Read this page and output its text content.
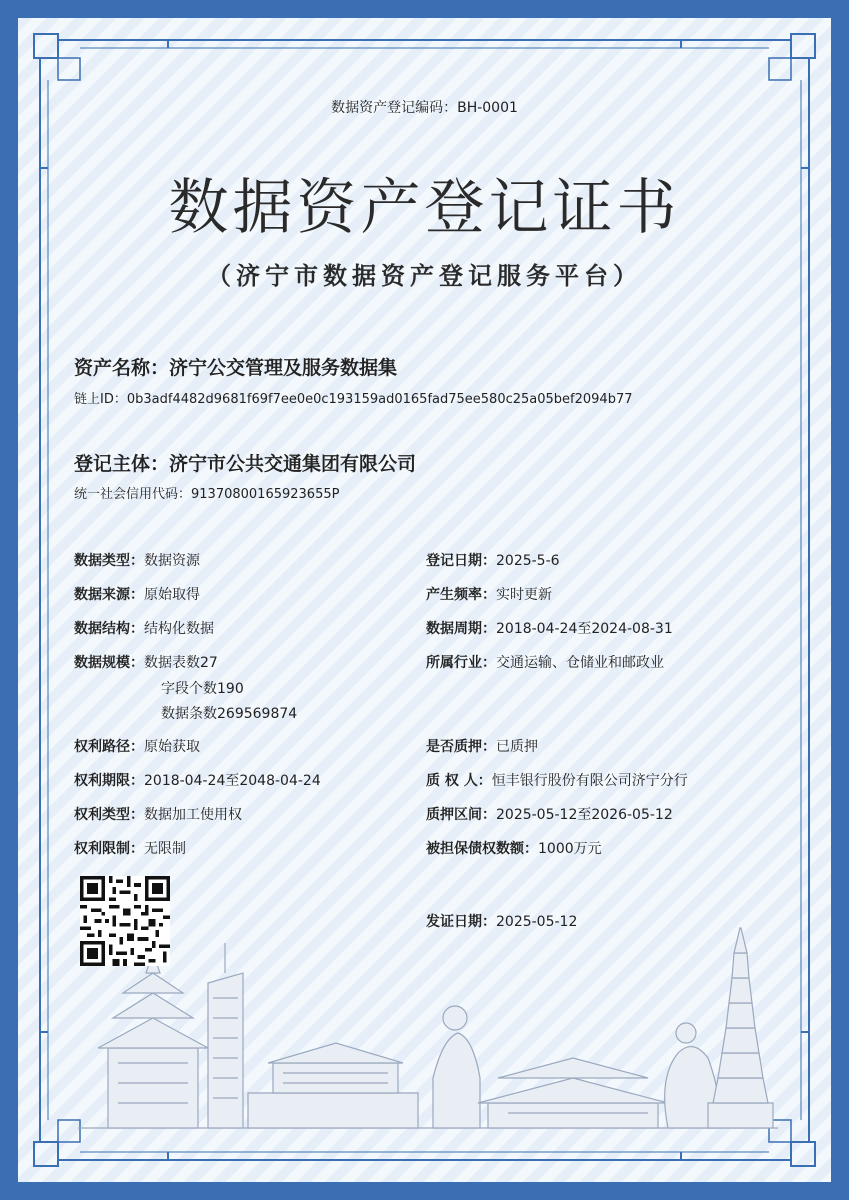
数据资产登记编码：BH-0001
数据资产登记证书
（济宁市数据资产登记服务平台）
资产名称：济宁公交管理及服务数据集
链上ID：0b3adf4482d9681f69f7ee0e0c193159ad0165fad75ee580c25a05bef2094b77
登记主体：济宁市公共交通集团有限公司
统一社会信用代码：91370800165923655P
数据类型：数据资源
数据来源：原始取得
数据结构：结构化数据
数据规模：数据表数27
字段个数190
数据条数269569874
权利路径：原始获取
权利期限：2018-04-24至2048-04-24
权利类型：数据加工使用权
权利限制：无限制
登记日期：2025-5-6
产生频率：实时更新
数据周期：2018-04-24至2024-08-31
所属行业：交通运输、仓储业和邮政业
是否质押：已质押
质 权 人：恒丰银行股份有限公司济宁分行
质押区间：2025-05-12至2026-05-12
被担保债权数额：1000万元
发证日期：2025-05-12
